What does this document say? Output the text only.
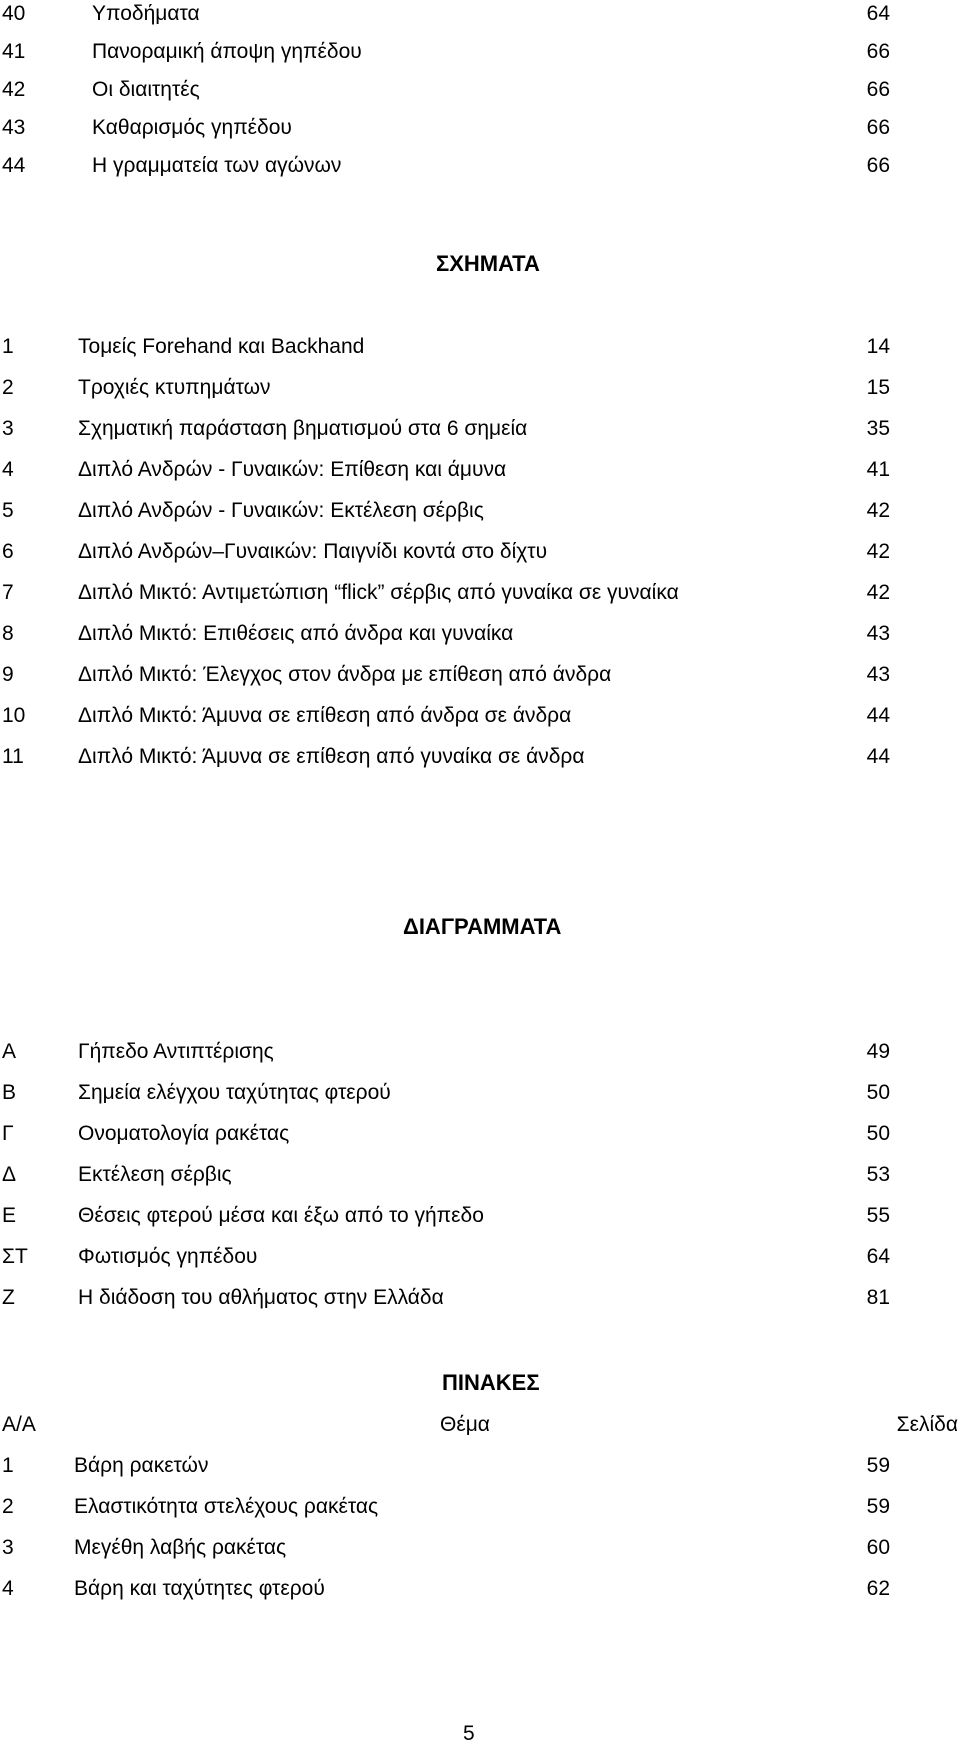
40	Υποδήματα	64
41	Πανοραμική άποψη γηπέδου	66
42	Οι διαιτητές	66
43	Καθαρισμός γηπέδου	66
44	Η γραμματεία των αγώνων	66
ΣΧΗΜΑΤΑ
1	Τομείς Forehand και Backhand	14
2	Τροχιές κτυπημάτων	15
3	Σχηματική παράσταση βηματισμού στα 6 σημεία	35
4	Διπλό Ανδρών - Γυναικών: Επίθεση και άμυνα	41
5	Διπλό Ανδρών - Γυναικών: Εκτέλεση σέρβις	42
6	Διπλό Ανδρών–Γυναικών: Παιγνίδι κοντά στο δίχτυ	42
7	Διπλό Μικτό: Αντιμετώπιση “flick” σέρβις από γυναίκα σε γυναίκα	42
8	Διπλό Μικτό: Επιθέσεις από άνδρα και γυναίκα	43
9	Διπλό Μικτό: Έλεγχος στον άνδρα με επίθεση από άνδρα	43
10	Διπλό Μικτό: Άμυνα σε επίθεση από άνδρα σε άνδρα	44
11	Διπλό Μικτό: Άμυνα σε επίθεση από γυναίκα σε άνδρα	44
ΔΙΑΓΡΑΜΜΑΤΑ
Α	Γήπεδο Αντιπτέρισης	49
Β	Σημεία ελέγχου ταχύτητας φτερού	50
Γ	Ονοματολογία ρακέτας	50
Δ	Εκτέλεση σέρβις	53
Ε	Θέσεις φτερού μέσα και έξω από το γήπεδο	55
ΣΤ Φωτισμός γηπέδου	64
Ζ	Η διάδοση του αθλήματος στην Ελλάδα	81
ΠΙΝΑΚΕΣ
Α/Α	Θέμα	Σελίδα
1	Βάρη ρακετών	59
2	Ελαστικότητα στελέχους ρακέτας	59
3	Μεγέθη λαβής ρακέτας	60
4	Βάρη και ταχύτητες φτερού	62
5
